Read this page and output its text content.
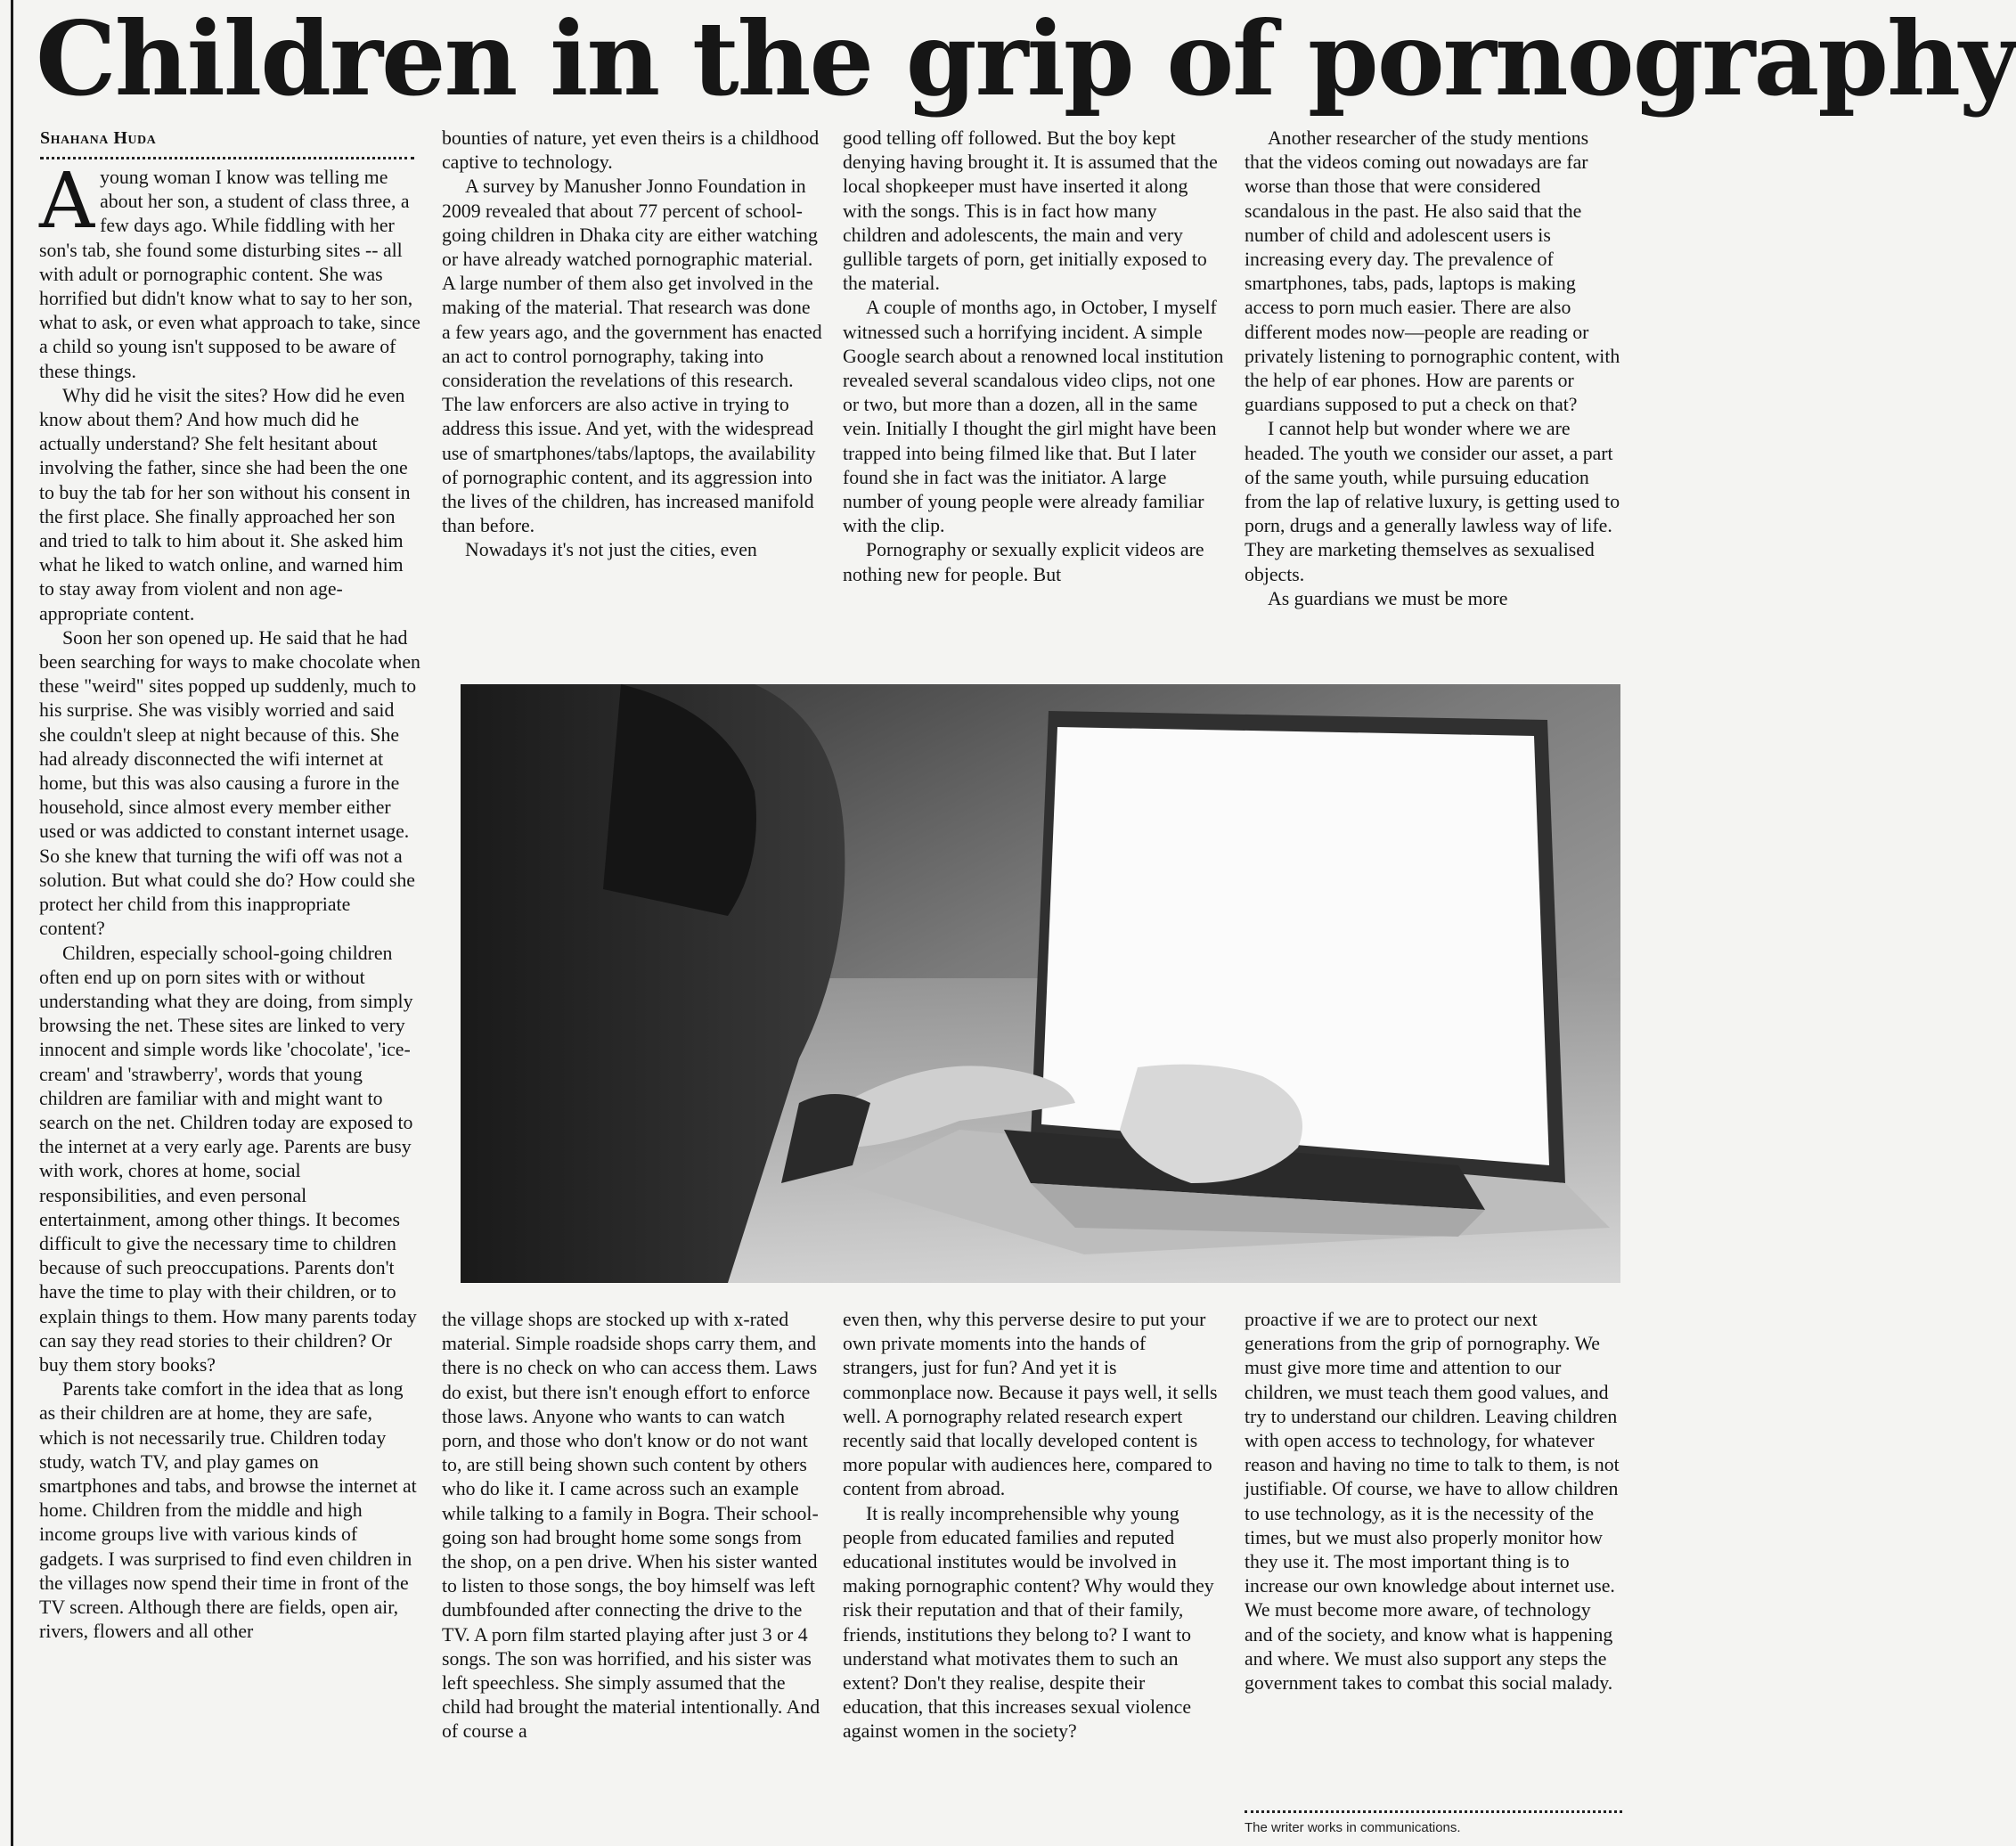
Children in the grip of pornography
Shahana Huda

A young woman I know was telling me about her son, a student of class three, a few days ago. While fiddling with her son's tab, she found some disturbing sites -- all with adult or pornographic content. She was horrified but didn't know what to say to her son, what to ask, or even what approach to take, since a child so young isn't supposed to be aware of these things.

Why did he visit the sites? How did he even know about them? And how much did he actually understand? She felt hesitant about involving the father, since she had been the one to buy the tab for her son without his consent in the first place. She finally approached her son and tried to talk to him about it. She asked him what he liked to watch online, and warned him to stay away from violent and non age-appropriate content.

Soon her son opened up. He said that he had been searching for ways to make chocolate when these "weird" sites popped up suddenly, much to his surprise. She was visibly worried and said she couldn't sleep at night because of this. She had already disconnected the wifi internet at home, but this was also causing a furore in the household, since almost every member either used or was addicted to constant internet usage. So she knew that turning the wifi off was not a solution. But what could she do? How could she protect her child from this inappropriate content?

Children, especially school-going children often end up on porn sites with or without understanding what they are doing, from simply browsing the net. These sites are linked to very innocent and simple words like 'chocolate', 'ice-cream' and 'strawberry', words that young children are familiar with and might want to search on the net. Children today are exposed to the internet at a very early age. Parents are busy with work, chores at home, social responsibilities, and even personal entertainment, among other things. It becomes difficult to give the necessary time to children because of such preoccupations. Parents don't have the time to play with their children, or to explain things to them. How many parents today can say they read stories to their children? Or buy them story books?

Parents take comfort in the idea that as long as their children are at home, they are safe, which is not necessarily true. Children today study, watch TV, and play games on smartphones and tabs, and browse the internet at home. Children from the middle and high income groups live with various kinds of gadgets. I was surprised to find even children in the villages now spend their time in front of the TV screen. Although there are fields, open air, rivers, flowers and all other

bounties of nature, yet even theirs is a childhood captive to technology.

A survey by Manusher Jonno Foundation in 2009 revealed that about 77 percent of school-going children in Dhaka city are either watching or have already watched pornographic material. A large number of them also get involved in the making of the material. That research was done a few years ago, and the government has enacted an act to control pornography, taking into consideration the revelations of this research. The law enforcers are also active in trying to address this issue. And yet, with the widespread use of smartphones/tabs/laptops, the availability of pornographic content, and its aggression into the lives of the children, has increased manifold than before.

Nowadays it's not just the cities, even

good telling off followed. But the boy kept denying having brought it. It is assumed that the local shopkeeper must have inserted it along with the songs. This is in fact how many children and adolescents, the main and very gullible targets of porn, get initially exposed to the material.

A couple of months ago, in October, I myself witnessed such a horrifying incident. A simple Google search about a renowned local institution revealed several scandalous video clips, not one or two, but more than a dozen, all in the same vein. Initially I thought the girl might have been trapped into being filmed like that. But I later found she in fact was the initiator. A large number of young people were already familiar with the clip.

Pornography or sexually explicit videos are nothing new for people. But

Another researcher of the study mentions that the videos coming out nowadays are far worse than those that were considered scandalous in the past. He also said that the number of child and adolescent users is increasing every day. The prevalence of smartphones, tabs, pads, laptops is making access to porn much easier. There are also different modes now—people are reading or privately listening to pornographic content, with the help of ear phones. How are parents or guardians supposed to put a check on that?

I cannot help but wonder where we are headed. The youth we consider our asset, a part of the same youth, while pursuing education from the lap of relative luxury, is getting used to porn, drugs and a generally lawless way of life. They are marketing themselves as sexualised objects.

As guardians we must be more

the village shops are stocked up with x-rated material. Simple roadside shops carry them, and there is no check on who can access them. Laws do exist, but there isn't enough effort to enforce those laws. Anyone who wants to can watch porn, and those who don't know or do not want to, are still being shown such content by others who do like it. I came across such an example while talking to a family in Bogra. Their school-going son had brought home some songs from the shop, on a pen drive. When his sister wanted to listen to those songs, the boy himself was left dumbfounded after connecting the drive to the TV. A porn film started playing after just 3 or 4 songs. The son was horrified, and his sister was left speechless. She simply assumed that the child had brought the material intentionally. And of course a

even then, why this perverse desire to put your own private moments into the hands of strangers, just for fun? And yet it is commonplace now. Because it pays well, it sells well. A pornography related research expert recently said that locally developed content is more popular with audiences here, compared to content from abroad.

It is really incomprehensible why young people from educated families and reputed educational institutes would be involved in making pornographic content? Why would they risk their reputation and that of their family, friends, institutions they belong to? I want to understand what motivates them to such an extent? Don't they realise, despite their education, that this increases sexual violence against women in the society?

proactive if we are to protect our next generations from the grip of pornography. We must give more time and attention to our children, we must teach them good values, and try to understand our children. Leaving children with open access to technology, for whatever reason and having no time to talk to them, is not justifiable. Of course, we have to allow children to use technology, as it is the necessity of the times, but we must also properly monitor how they use it. The most important thing is to increase our own knowledge about internet use. We must become more aware, of technology and of the society, and know what is happening and where. We must also support any steps the government takes to combat this social malady.

The writer works in communications.
